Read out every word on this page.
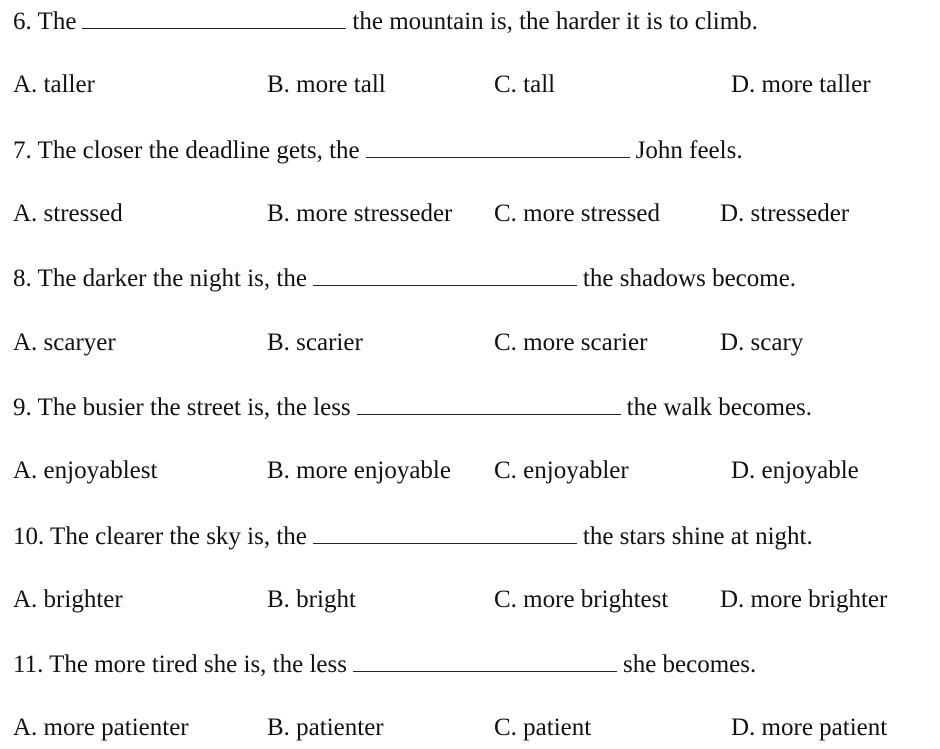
6. The	the mountain is, the harder it is to climb.
A. taller	B. more tall	C. tall	D. more taller
7. The closer the deadline gets, the	John feels.
A. stressed	B. more stresseder C. more stressed D. stresseder
8. The darker the night is, the	the shadows become.
A. scaryer	B. scarier	C. more scarier	D. scary
9. The busier the street is, the less	the walk becomes.
A. enjoyablest	B. more enjoyable C. enjoyabler	D. enjoyable
10. The clearer the sky is, the	the stars shine at night.
A. brighter	B. bright	C. more brightest D. more brighter
11. The more tired she is, the less	she becomes.
A. more patienter	B. patienter	C. patient	D. more patient
